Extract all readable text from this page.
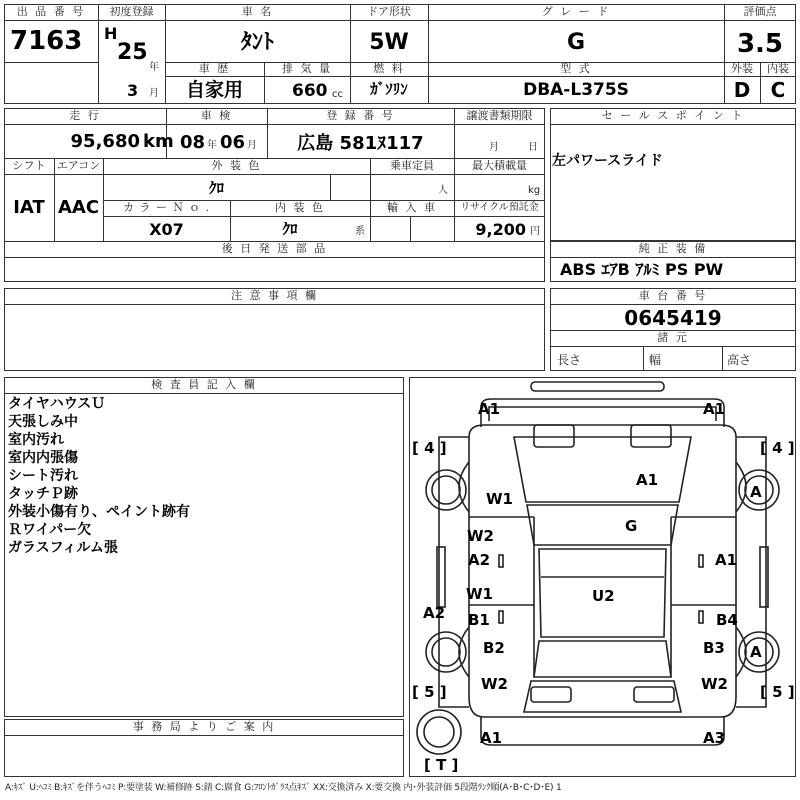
出 品 番 号
7163
初度登録
H
25
年
3 月
車 名
ﾀﾝﾄ
ドア形状
5W
グ レ ー ド
G
評価点
3.5
車 歴
自家用
排 気 量
660 cc
燃 料
ｶﾞｿﾘﾝ
型 式
DBA-L375S
外装
D
内装
C
走 行
95,680 km
車 検
08 年 06 月
登 録 番 号
広島 581ﾇ117
譲渡書類期限
月	日
シフト
IAT
エアコン
AAC
外 装 色
ｸﾛ
乗車定員
人
最大積載量
kg
カ ラ ー Ｎ ｏ .
X07
内 装 色
ｸﾛ	系
輸 入 車	リサイクル預託金
9,200 円
後 日 発 送 部 品
セ ー ル ス ポ イ ン ト
左パワースライド
純 正 装 備
ABS ｴｱB ｱﾙﾐ PS PW
注 意 事 項 欄	車 台 番 号
0645419
諸 元
長さ	幅	高さ
検 査 員 記 入 欄
タイヤハウスＵ
天張しみ中
室内汚れ
室内内張傷
シート汚れ
タッチＰ跡
外装小傷有り、ペイント跡有
Ｒワイパー欠
ガラスフィルム張
事 務 局 よ り ご 案 内
[ 4 ]	[ 4 ]
[ 5 ]	[ 5 ]
[ T ]
A1	A1
W1
A1
A
G
W2
A2	A1
W1	U2
A2 B1	B4
B2	B3 A
W2	W2
A1	A3
A:ｷｽﾞ U:ﾍｺﾐ B:ｷｽﾞを伴うﾍｺﾐ P:要塗装 W:補修跡 S:錆 C:腐食 G:ﾌﾛﾝﾄｶﾞﾗｽ点ｷｽﾞ XX:交換済み X:要交換 内･外装評価 5段階ﾗﾝｸ順(A･B･C･D･E) 1
